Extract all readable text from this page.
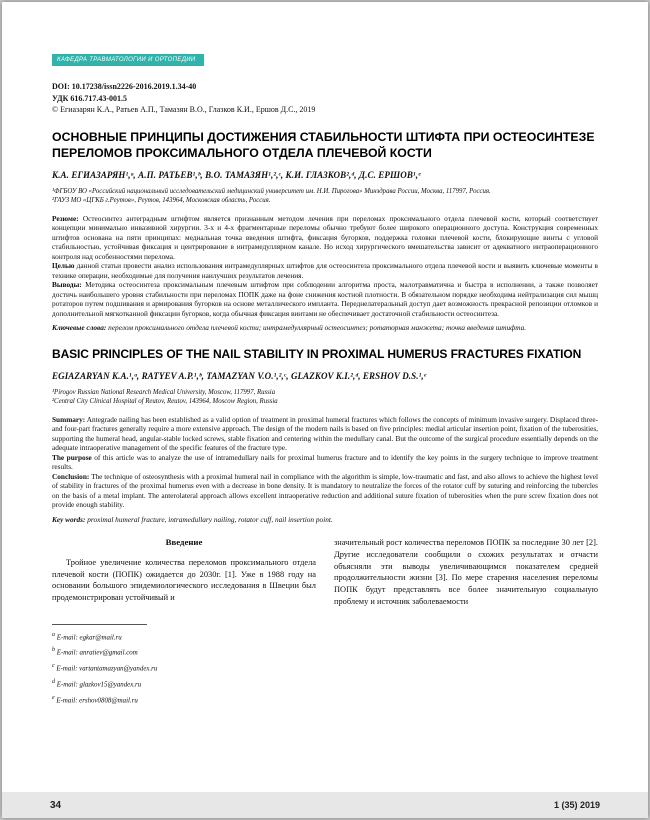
КАФЕДРА ТРАВМАТОЛОГИИ И ОРТОПЕДИИ
DOI: 10.17238/issn2226-2016.2019.1.34-40
УДК 616.717.43-001.5
© Егиазарян К.А., Ратьев А.П., Тамазян В.О., Глазков К.И., Ершов Д.С., 2019
ОСНОВНЫЕ ПРИНЦИПЫ ДОСТИЖЕНИЯ СТАБИЛЬНОСТИ ШТИФТА ПРИ ОСТЕОСИНТЕЗЕ ПЕРЕЛОМОВ ПРОКСИМАЛЬНОГО ОТДЕЛА ПЛЕЧЕВОЙ КОСТИ
К.А. ЕГИАЗАРЯН¹,ᵃ, А.П. РАТЬЕВ¹,ᵇ, В.О. ТАМАЗЯН¹,²,ᶜ, К.И. ГЛАЗКОВ²,ᵈ, Д.С. ЕРШОВ¹,ᵉ
¹ФГБОУ ВО «Российский национальный исследовательский медицинский университет им. Н.И. Пирогова» Минздрава России, Москва, 117997, Россия.
²ГАУЗ МО «ЦГКБ г.Реутов», Реутов, 143964, Московская область, Россия.

Резюме: Остеосинтез антеградным штифтом является признанным методом лечения при переломах проксимального отдела плечевой кости, который соответствует концепции минимально инвазивной хирургии. 3-х и 4-х фрагментарные переломы обычно требуют более широкого операционного доступа. Конструкция современных штифтов основана на пяти принципах: медиальная точка введения штифта, фиксация бугорков, поддержка головки плечевой кости, блокирующие винты с угловой стабильностью, устойчивая фиксация и центрирование в интрамедуллярном канале. Но исход хирургического вмешательства зависит от адекватного интраоперационного контроля над особенностями перелома.

Целью данной статьи провести анализ использования интрамедуллярных штифтов для остеосинтеза проксимального отдела плечевой кости и выявить ключевые моменты в технике операции, необходимые для получения наилучших результатов лечения.

Выводы: Методика остеосинтеза проксимальным плечевым штифтом при соблюдении алгоритма проста, малотравматична и быстра в исполнении, а также позволяет достичь наибольшего уровня стабильности при переломах ПОПК даже на фоне снижения костной плотности. В обязательном порядке необходима нейтрализация сил мышц ротаторов путем подшивания и армирования бугорков на основе металлического импланта. Переднелатеральный доступ дает возможность прекрасной репозиции отломков и дополнительной мягкотканной фиксации бугорков, когда обычная фиксация винтами не обеспечивает достаточной стабильности остеосинтеза.

Ключевые слова: перелом проксимального отдела плечевой кости; интрамедуллярный остеосинтез; ротаторная манжета; точка введения штифта.
BASIC PRINCIPLES OF THE NAIL STABILITY IN PROXIMAL HUMERUS FRACTURES FIXATION
EGIAZARYAN K.A.¹,ᵃ, RATYEV A.P.¹,ᵇ, TAMAZYAN V.O.¹,²,ᶜ, GLAZKOV K.I.²,ᵈ, ERSHOV D.S.¹,ᵉ
¹Pirogov Russian National Research Medical University, Moscow, 117997, Russia
²Central City Clinical Hospital of Reutov, Reutov, 143964, Moscow Region, Russia

Summary: Antegrade nailing has been established as a valid option of treatment in proximal humeral fractures which follows the concepts of minimum invasive surgery. Displaced three-and four-part fractures generally require a more extensive approach. The design of the modern nails is based on five principles: medial articular insertion point, fixation of the tuberosities, supporting the humeral head, angular-stable locked screws, stable fixation and centering within the medullary canal. But the outcome of the surgical procedure essentially depends on the adequate intraoperative management of the specific features of the fracture type.

The purpose of this article was to analyze the use of intramedullary nails for proximal humerus fracture and to identify the key points in the surgery technique to improve treatment results.

Conclusion: The technique of osteosynthesis with a proximal humeral nail in compliance with the algorithm is simple, low-traumatic and fast, and also allows to achieve the highest level of stability in fractures of the proximal humerus even with a decrease in bone density. It is mandatory to neutralize the forces of the rotator cuff by suturing and reinforcing the tubercles on the basis of a metal implant. The anterolateral approach allows excellent intraoperative reduction and additional suture fixation of tuberosities when the pure screw fixation does not provide enough stability.

Key words: proximal humeral fracture, intramedullary nailing, rotator cuff, nail insertion point.
Введение

Тройное увеличение количества переломов проксимального отдела плечевой кости (ПОПК) ожидается до 2030г. [1]. Уже в 1988 году на основании большого эпидемиологического исследования в Швеции был продемонстрирован устойчивый и

значительный рост количества переломов ПОПК за последние 30 лет [2]. Другие исследователи сообщили о схожих результатах и отчасти объясняли эти выводы увеличивающимся показателем средней продолжительности жизни [3]. По мере старения населения переломы ПОПК будут представлять все более значительную социальную проблему и источник заболеваемости

$^a$ E-mail: egkar@mail.ru
$^b$ E-mail: anratiev@gmail.com
$^c$ E-mail: vartantamazyan@yandex.ru
$^d$ E-mail: glazkov15@yandex.ru
$^e$ E-mail: ershov0808@mail.ru
34	1 (35) 2019
